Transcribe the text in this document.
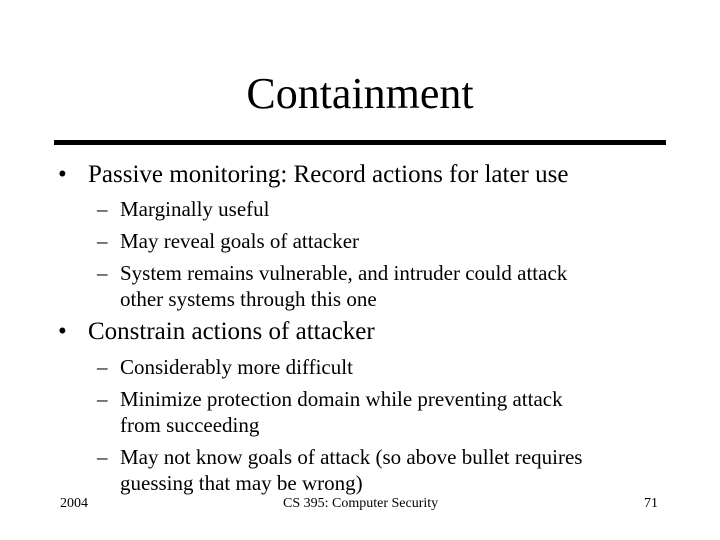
Containment
• Passive monitoring: Record actions for later use
– Marginally useful
– May reveal goals of attacker
– System remains vulnerable, and intruder could attack
other systems through this one
• Constrain actions of attacker
– Considerably more difficult
– Minimize protection domain while preventing attack
from succeeding
– May not know goals of attack (so above bullet requires
guessing that may be wrong)
2004	CS 395: Computer Security	71
